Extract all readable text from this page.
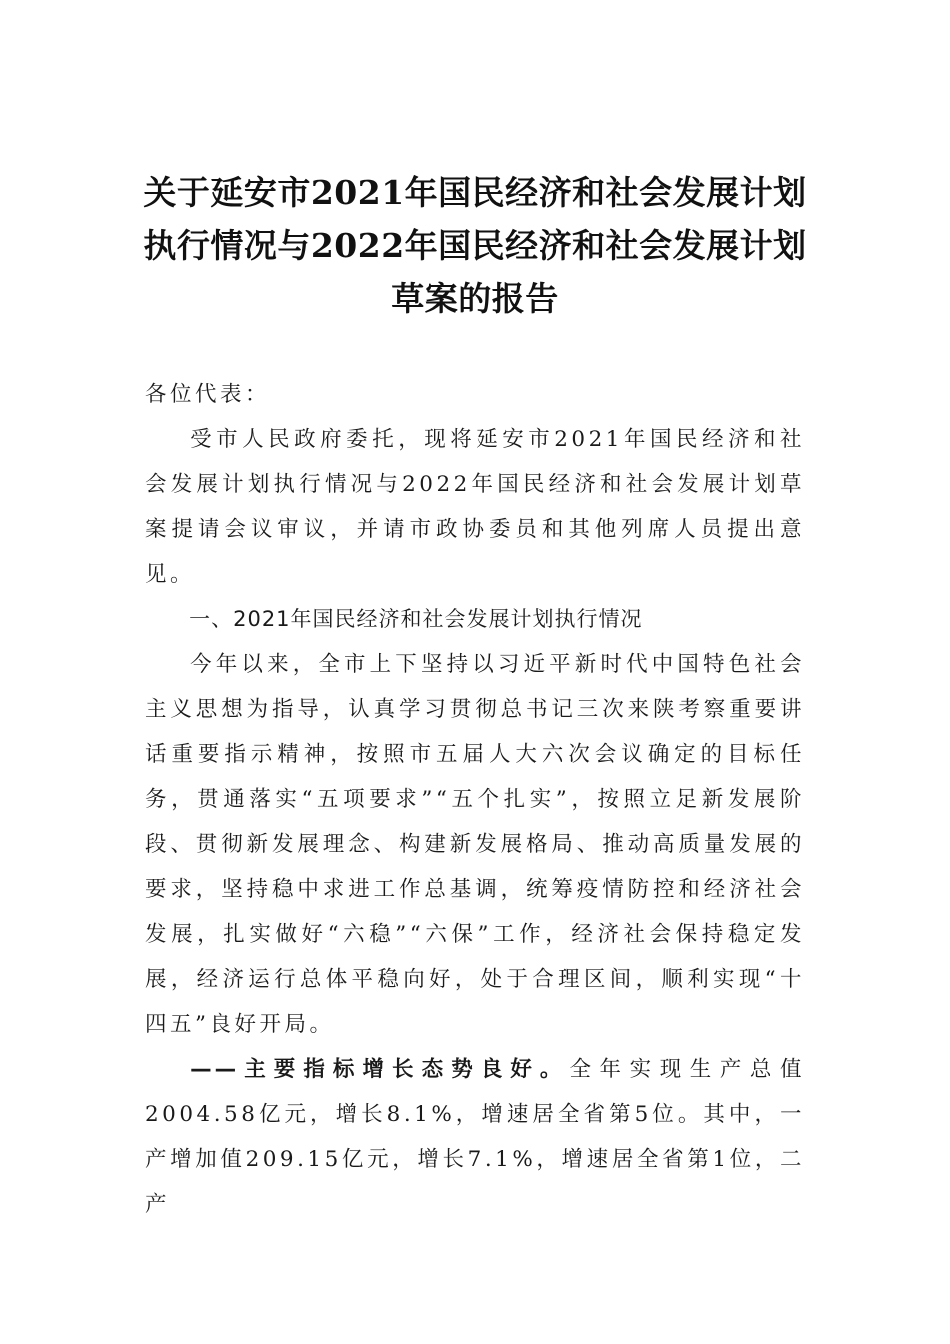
关于延安市2021年国民经济和社会发展计划执行情况与2022年国民经济和社会发展计划草案的报告

各位代表：

受市人民政府委托，现将延安市2021年国民经济和社会发展计划执行情况与2022年国民经济和社会发展计划草案提请会议审议，并请市政协委员和其他列席人员提出意见。

一、2021年国民经济和社会发展计划执行情况

今年以来，全市上下坚持以习近平新时代中国特色社会主义思想为指导，认真学习贯彻总书记三次来陕考察重要讲话重要指示精神，按照市五届人大六次会议确定的目标任务，贯通落实“五项要求”“五个扎实”，按照立足新发展阶段、贯彻新发展理念、构建新发展格局、推动高质量发展的要求，坚持稳中求进工作总基调，统筹疫情防控和经济社会发展，扎实做好“六稳”“六保”工作，经济社会保持稳定发展，经济运行总体平稳向好，处于合理区间，顺利实现“十四五”良好开局。

——主要指标增长态势良好。全年实现生产总值2004.58亿元，增长8.1%，增速居全省第5位。其中，一产增加值209.15亿元，增长7.1%，增速居全省第1位，二产
